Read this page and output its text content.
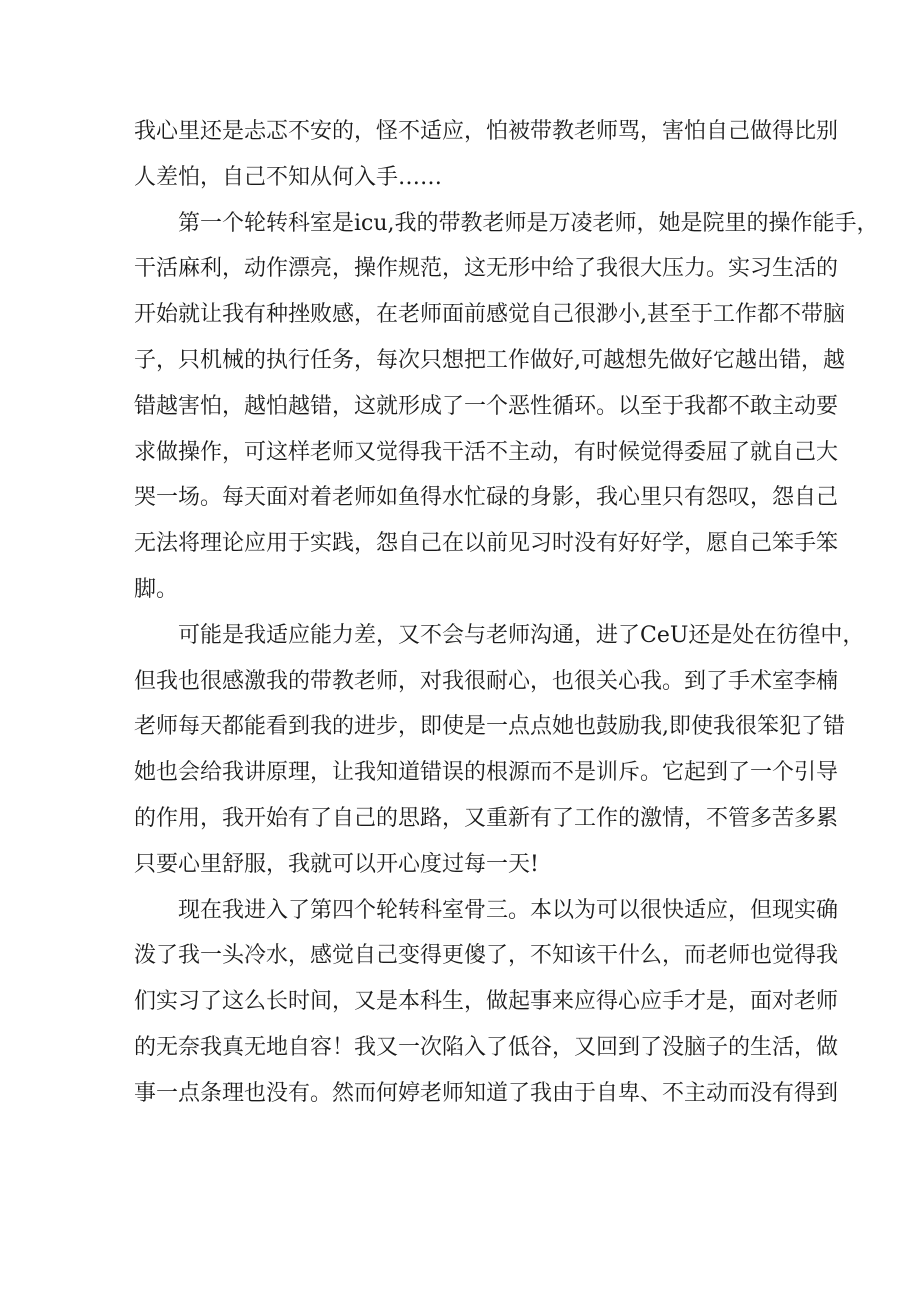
我心里还是忐忑不安的，怪不适应，怕被带教老师骂，害怕自己做得比别
人差怕，自己不知从何入手……
第一个轮转科室是icu,我的带教老师是万凌老师，她是院里的操作能手，
干活麻利，动作漂亮，操作规范，这无形中给了我很大压力。实习生活的
开始就让我有种挫败感，在老师面前感觉自己很渺小,甚至于工作都不带脑
子，只机械的执行任务，每次只想把工作做好,可越想先做好它越出错，越
错越害怕，越怕越错，这就形成了一个恶性循环。以至于我都不敢主动要
求做操作，可这样老师又觉得我干活不主动，有时候觉得委屈了就自己大
哭一场。每天面对着老师如鱼得水忙碌的身影，我心里只有怨叹，怨自己
无法将理论应用于实践，怨自己在以前见习时没有好好学，愿自己笨手笨
脚。
可能是我适应能力差，又不会与老师沟通，进了CeU还是处在彷徨中，
但我也很感激我的带教老师，对我很耐心，也很关心我。到了手术室李楠
老师每天都能看到我的进步，即使是一点点她也鼓励我,即使我很笨犯了错
她也会给我讲原理，让我知道错误的根源而不是训斥。它起到了一个引导
的作用，我开始有了自己的思路，又重新有了工作的激情，不管多苦多累
只要心里舒服，我就可以开心度过每一天!
现在我进入了第四个轮转科室骨三。本以为可以很快适应，但现实确
泼了我一头冷水，感觉自己变得更傻了，不知该干什么，而老师也觉得我
们实习了这么长时间，又是本科生，做起事来应得心应手才是，面对老师
的无奈我真无地自容！我又一次陷入了低谷，又回到了没脑子的生活，做
事一点条理也没有。然而何婷老师知道了我由于自卑、不主动而没有得到
